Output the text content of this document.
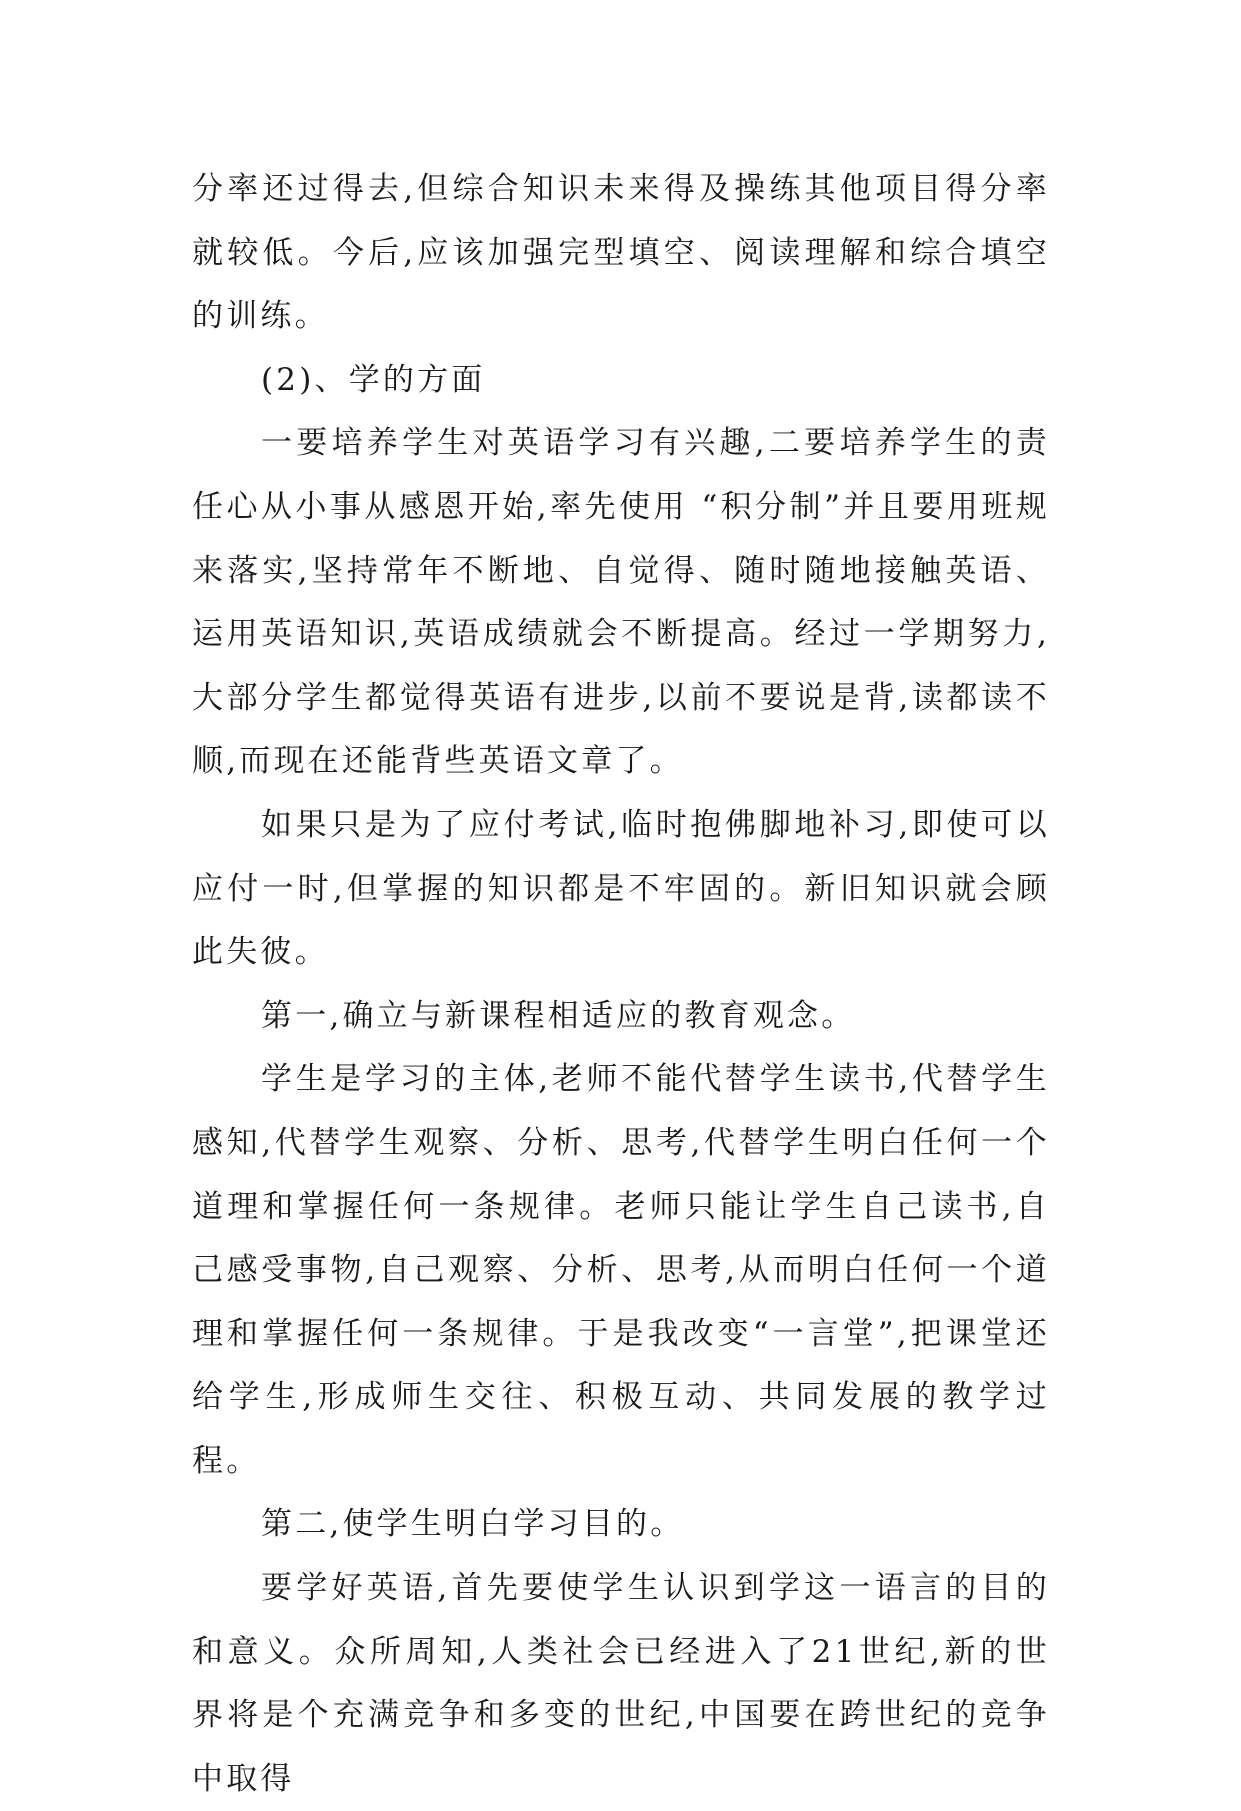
分率还过得去,但综合知识未来得及操练其他项目得分率就较低。今后,应该加强完型填空、阅读理解和综合填空的训练。

(2)、学的方面

一要培养学生对英语学习有兴趣,二要培养学生的责任心从小事从感恩开始,率先使用 “积分制”并且要用班规来落实,坚持常年不断地、自觉得、随时随地接触英语、运用英语知识,英语成绩就会不断提高。经过一学期努力,大部分学生都觉得英语有进步,以前不要说是背,读都读不顺,而现在还能背些英语文章了。

如果只是为了应付考试,临时抱佛脚地补习,即使可以应付一时,但掌握的知识都是不牢固的。新旧知识就会顾此失彼。

第一,确立与新课程相适应的教育观念。

学生是学习的主体,老师不能代替学生读书,代替学生感知,代替学生观察、分析、思考,代替学生明白任何一个道理和掌握任何一条规律。老师只能让学生自己读书,自己感受事物,自己观察、分析、思考,从而明白任何一个道理和掌握任何一条规律。于是我改变“一言堂”,把课堂还给学生,形成师生交往、积极互动、共同发展的教学过程。

第二,使学生明白学习目的。

要学好英语,首先要使学生认识到学这一语言的目的和意义。众所周知,人类社会已经进入了21世纪,新的世界将是个充满竞争和多变的世纪,中国要在跨世纪的竞争中取得
